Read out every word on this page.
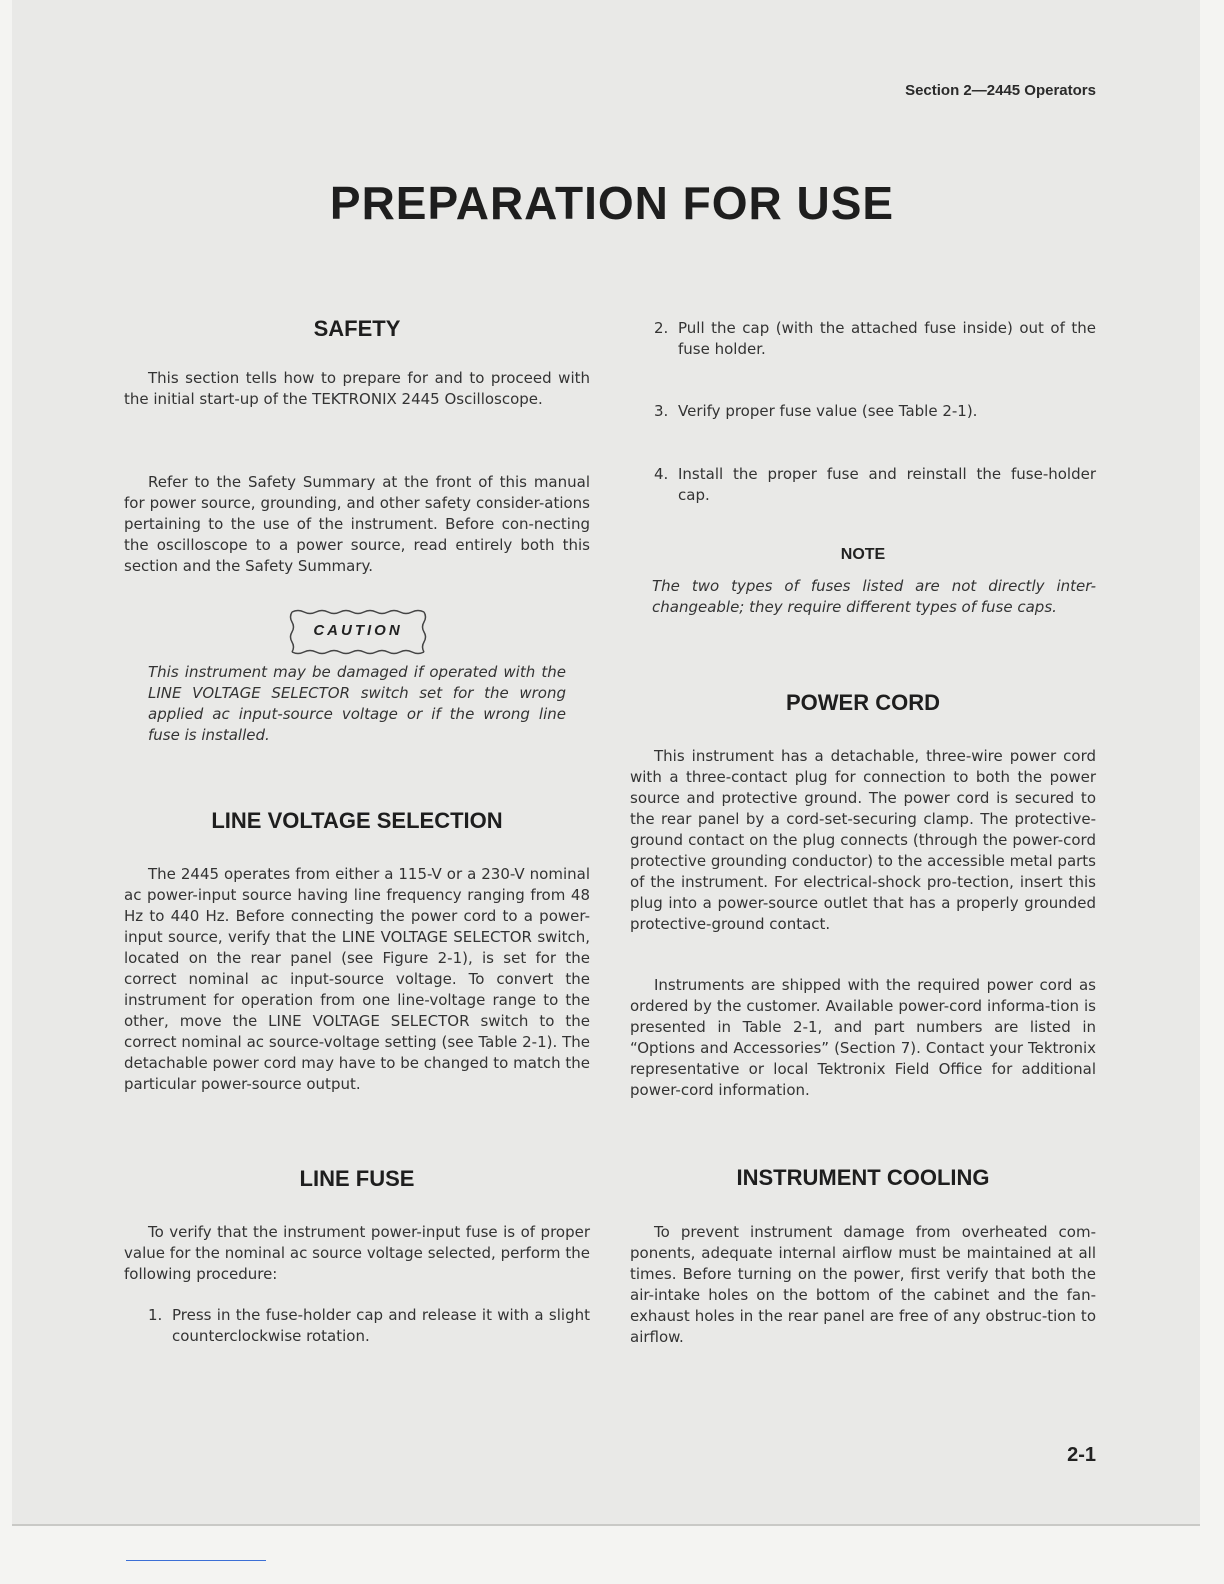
Section 2—2445 Operators
PREPARATION FOR USE
SAFETY

This section tells how to prepare for and to proceed with the initial start-up of the TEKTRONIX 2445 Oscilloscope.

Refer to the Safety Summary at the front of this manual for power source, grounding, and other safety consider-ations pertaining to the use of the instrument. Before con-necting the oscilloscope to a power source, read entirely both this section and the Safety Summary.

CAUTION

This instrument may be damaged if operated with the LINE VOLTAGE SELECTOR switch set for the wrong applied ac input-source voltage or if the wrong line fuse is installed.

LINE VOLTAGE SELECTION

The 2445 operates from either a 115-V or a 230-V nominal ac power-input source having line frequency ranging from 48 Hz to 440 Hz. Before connecting the power cord to a power-input source, verify that the LINE VOLTAGE SELECTOR switch, located on the rear panel (see Figure 2-1), is set for the correct nominal ac input-source voltage. To convert the instrument for operation from one line-voltage range to the other, move the LINE VOLTAGE SELECTOR switch to the correct nominal ac source-voltage setting (see Table 2-1). The detachable power cord may have to be changed to match the particular power-source output.

LINE FUSE

To verify that the instrument power-input fuse is of proper value for the nominal ac source voltage selected, perform the following procedure:

1. Press in the fuse-holder cap and release it with a slight counterclockwise rotation.
2. Pull the cap (with the attached fuse inside) out of the fuse holder.
3. Verify proper fuse value (see Table 2-1).
4. Install the proper fuse and reinstall the fuse-holder cap.
NOTE

The two types of fuses listed are not directly inter-changeable; they require different types of fuse caps.

POWER CORD

This instrument has a detachable, three-wire power cord with a three-contact plug for connection to both the power source and protective ground. The power cord is secured to the rear panel by a cord-set-securing clamp. The protective-ground contact on the plug connects (through the power-cord protective grounding conductor) to the accessible metal parts of the instrument. For electrical-shock pro-tection, insert this plug into a power-source outlet that has a properly grounded protective-ground contact.

Instruments are shipped with the required power cord as ordered by the customer. Available power-cord informa-tion is presented in Table 2-1, and part numbers are listed in “Options and Accessories” (Section 7). Contact your Tektronix representative or local Tektronix Field Office for additional power-cord information.

INSTRUMENT COOLING

To prevent instrument damage from overheated com-ponents, adequate internal airflow must be maintained at all times. Before turning on the power, first verify that both the air-intake holes on the bottom of the cabinet and the fan-exhaust holes in the rear panel are free of any obstruc-tion to airflow.

2-1
